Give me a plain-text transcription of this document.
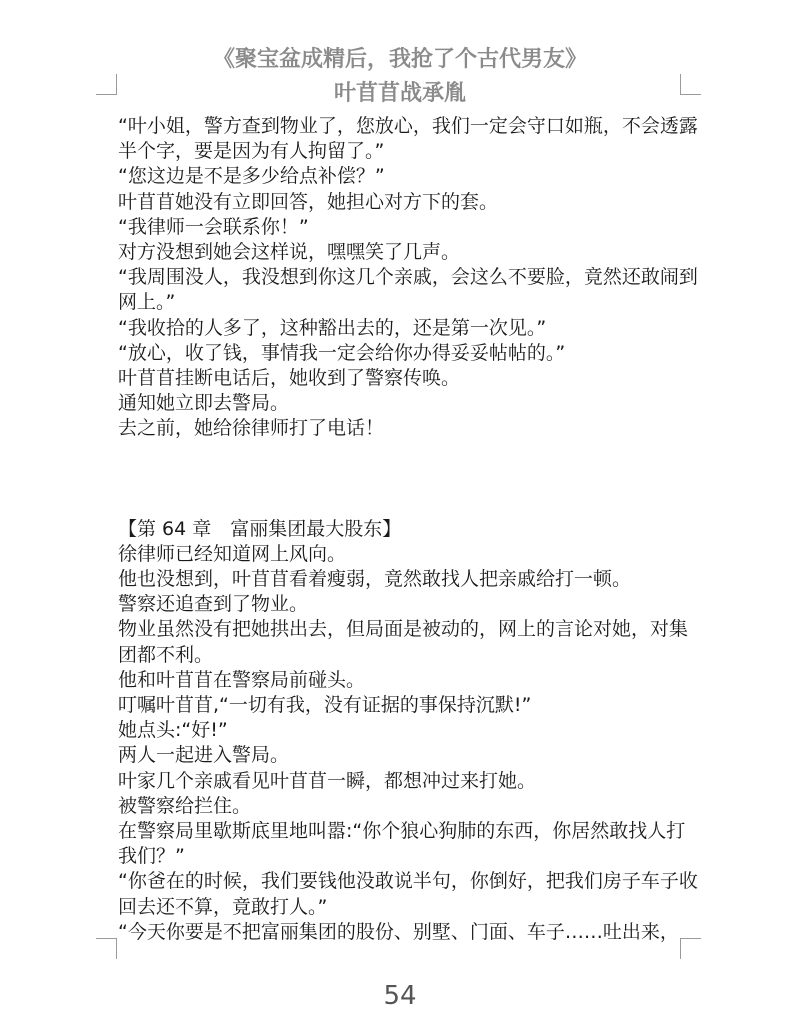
《聚宝盆成精后，我抢了个古代男友》
叶苜苜战承胤

“叶小姐，警方查到物业了，您放心，我们一定会守口如瓶，不会透露半个字，要是因为有人拘留了。”

“您这边是不是多少给点补偿？”

叶苜苜她没有立即回答，她担心对方下的套。

“我律师一会联系你！”

对方没想到她会这样说，嘿嘿笑了几声。

“我周围没人，我没想到你这几个亲戚，会这么不要脸，竟然还敢闹到网上。”

“我收拾的人多了，这种豁出去的，还是第一次见。”

“放心，收了钱，事情我一定会给你办得妥妥帖帖的。”

叶苜苜挂断电话后，她收到了警察传唤。

通知她立即去警局。

去之前，她给徐律师打了电话！

【第 64 章　富丽集团最大股东】

徐律师已经知道网上风向。

他也没想到，叶苜苜看着瘦弱，竟然敢找人把亲戚给打一顿。

警察还追查到了物业。

物业虽然没有把她拱出去，但局面是被动的，网上的言论对她，对集团都不利。

他和叶苜苜在警察局前碰头。

叮嘱叶苜苜,“一切有我，没有证据的事保持沉默!”

她点头:“好!”

两人一起进入警局。

叶家几个亲戚看见叶苜苜一瞬，都想冲过来打她。

被警察给拦住。

在警察局里歇斯底里地叫嚣:“你个狼心狗肺的东西，你居然敢找人打我们？”

“你爸在的时候，我们要钱他没敢说半句，你倒好，把我们房子车子收回去还不算，竟敢打人。”

“今天你要是不把富丽集团的股份、别墅、门面、车子……吐出来，

54
